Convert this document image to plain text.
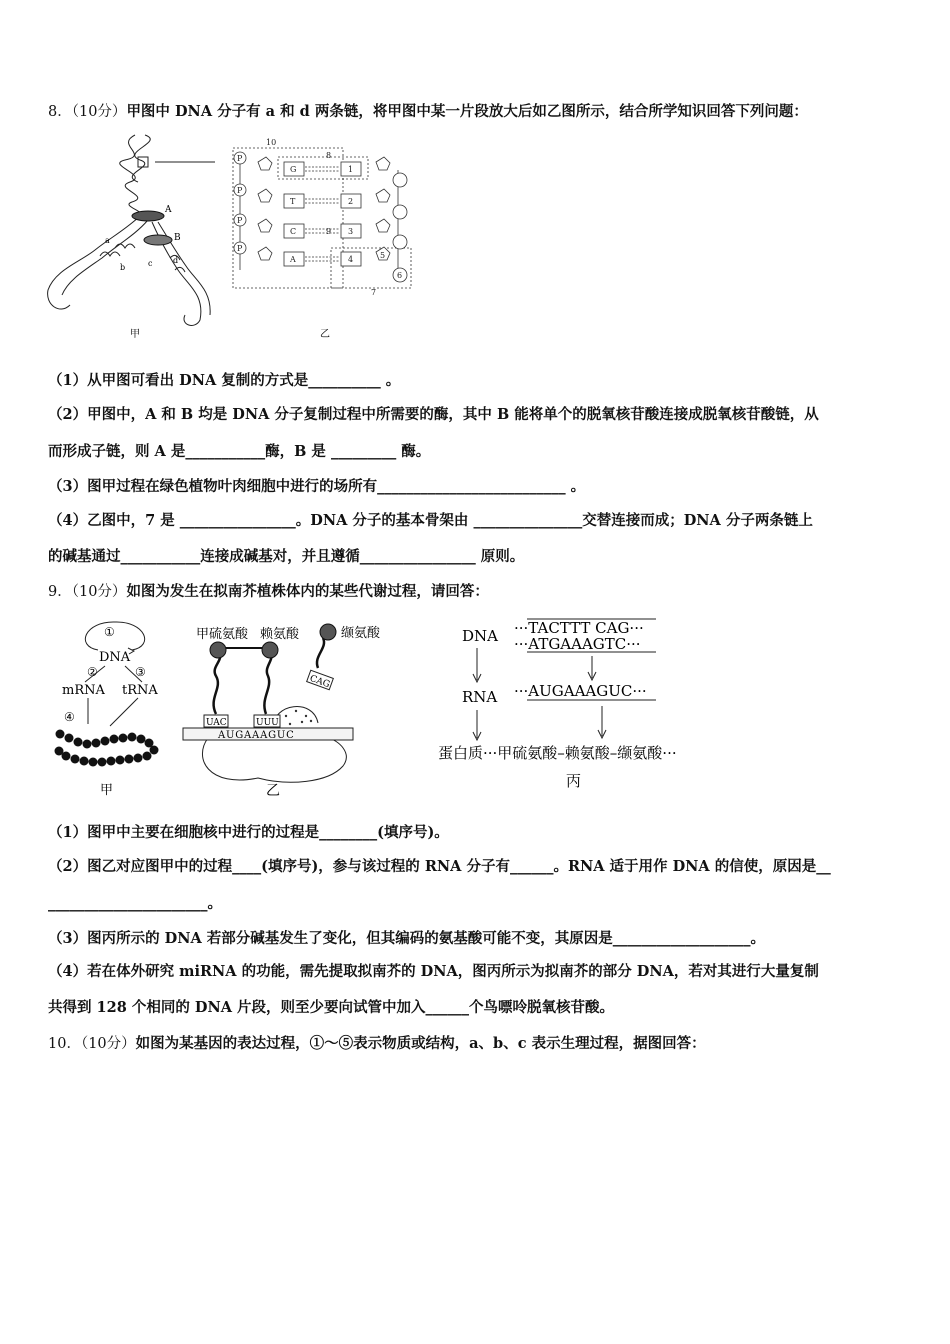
8．（10分）甲图中 DNA 分子有 a 和 d 两条链，将甲图中某一片段放大后如乙图所示，结合所学知识回答下列问题：
A
B
a
b	c	d
甲
P
P
P
P
G
T
C
A
1
2
3
4	5
6
10
8
9
7
乙
（1）从甲图可看出 DNA 复制的方式是__________ 。
（2）甲图中，A 和 B 均是 DNA 分子复制过程中所需要的酶，其中 B 能将单个的脱氧核苷酸连接成脱氧核苷酸链，从
而形成子链，则 A 是___________酶，B 是 _________ 酶。
（3）图甲过程在绿色植物叶肉细胞中进行的场所有__________________________ 。
（4）乙图中，7 是 ________________。DNA 分子的基本骨架由 _______________交替连接而成；DNA 分子两条链上
的碱基通过___________连接成碱基对，并且遵循________________ 原则。
9．（10分）如图为发生在拟南芥植株体内的某些代谢过程，请回答：
①
DNA
②	③
mRNA tRNA
④
甲
AUGAAAGUC
UAC	UUU
CAG
甲硫氨酸 赖氨酸	缬氨酸
乙
DNA ···TACTTT CAG···
···ATGAAAGTC···
RNA ···AUGAAAGUC···
蛋白质···甲硫氨酸–赖氨酸–缬氨酸···
丙
（1）图甲中主要在细胞核中进行的过程是________(填序号)。
（2）图乙对应图甲中的过程____(填序号)，参与该过程的 RNA 分子有______。RNA 适于用作 DNA 的信使，原因是__
______________________。
（3）图丙所示的 DNA 若部分碱基发生了变化，但其编码的氨基酸可能不变，其原因是___________________。
（4）若在体外研究 miRNA 的功能，需先提取拟南芥的 DNA，图丙所示为拟南芥的部分 DNA，若对其进行大量复制
共得到 128 个相同的 DNA 片段，则至少要向试管中加入______个鸟嘌呤脱氧核苷酸。
10．（10分）如图为某基因的表达过程，①～⑤表示物质或结构，a、b、c 表示生理过程，据图回答：
